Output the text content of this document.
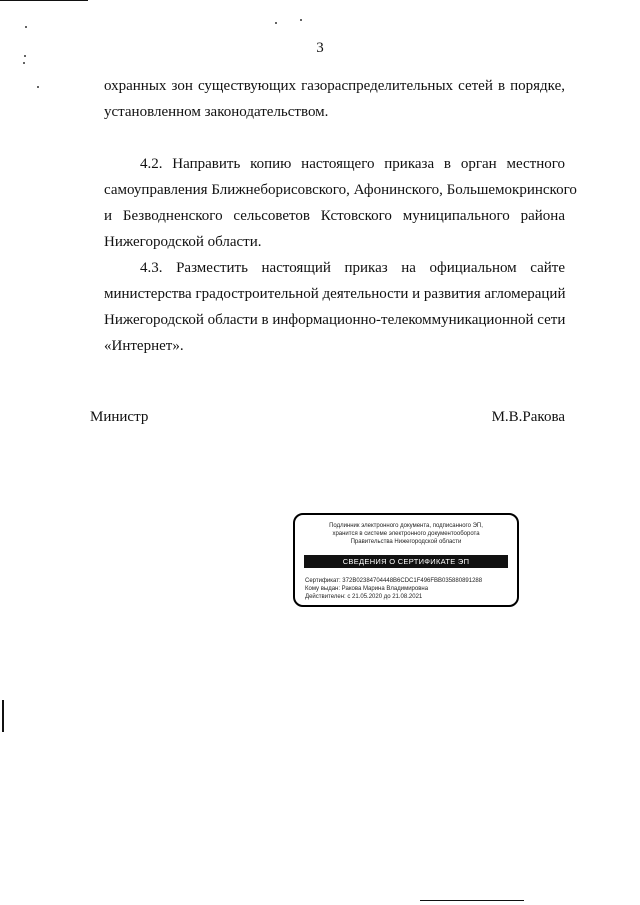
3
охранных зон существующих газораспределительных сетей в порядке,
установленном законодательством.
4.2. Направить копию настоящего приказа в орган местного
самоуправления Ближнеборисовского, Афонинского, Большемокринского
и Безводненского сельсоветов Кстовского муниципального района
Нижегородской области.
4.3. Разместить настоящий приказ на официальном сайте
министерства градостроительной деятельности и развития агломераций
Нижегородской области в информационно-телекоммуникационной сети
«Интернет».
Министр	М.В.Ракова
Подлинник электронного документа, подписанного ЭП,
хранится в системе электронного документооборота
Правительства Нижегородской области
СВЕДЕНИЯ О СЕРТИФИКАТЕ ЭП
Сертификат: 372B02384704448B6CDC1F496FBB035880891288
Кому выдан: Ракова Марина Владимировна
Действителен: с 21.05.2020 до 21.08.2021
